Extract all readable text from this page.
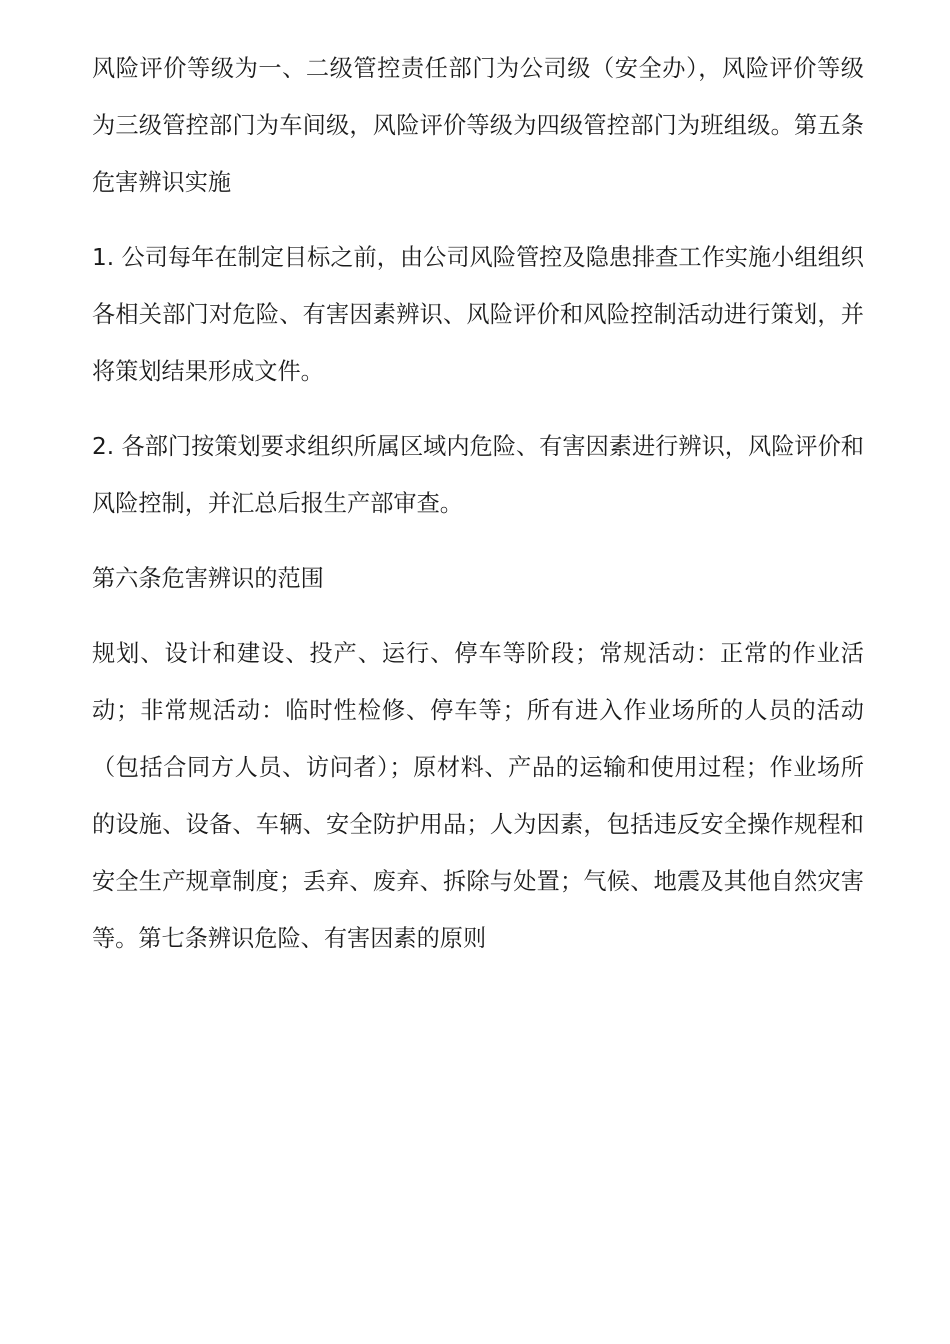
风险评价等级为一、二级管控责任部门为公司级（安全办），风险评价等级为三级管控部门为车间级，风险评价等级为四级管控部门为班组级。第五条危害辨识实施

1. 公司每年在制定目标之前，由公司风险管控及隐患排查工作实施小组组织各相关部门对危险、有害因素辨识、风险评价和风险控制活动进行策划，并将策划结果形成文件。

2. 各部门按策划要求组织所属区域内危险、有害因素进行辨识，风险评价和风险控制，并汇总后报生产部审查。

第六条危害辨识的范围

规划、设计和建设、投产、运行、停车等阶段；常规活动：正常的作业活动；非常规活动：临时性检修、停车等；所有进入作业场所的人员的活动（包括合同方人员、访问者）；原材料、产品的运输和使用过程；作业场所的设施、设备、车辆、安全防护用品；人为因素，包括违反安全操作规程和安全生产规章制度；丢弃、废弃、拆除与处置；气候、地震及其他自然灾害等。第七条辨识危险、有害因素的原则
